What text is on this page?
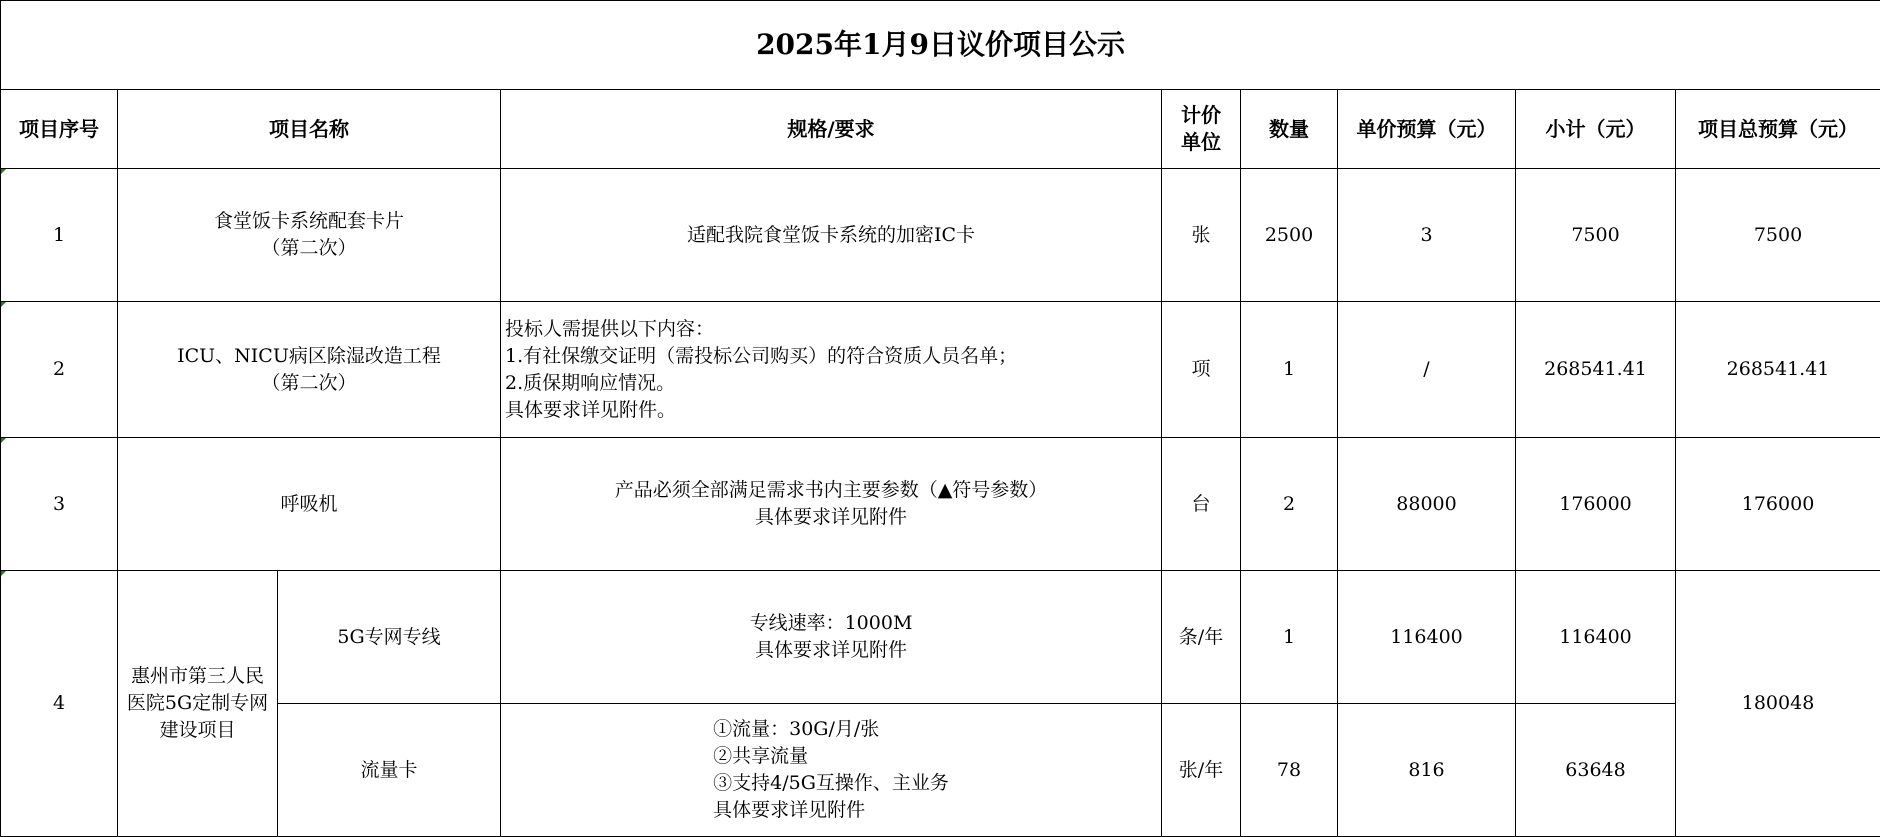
2025年1月9日议价项目公示								
项目序号	项目名称		规格/要求	计价
单位	数量	单价预算（元）	小计（元）	项目总预算（元）

1	食堂饭卡系统配套卡片
（第二次）		适配我院食堂饭卡系统的加密IC卡	张	2500	3	7500	7500

2	ICU、NICU病区除湿改造工程
（第二次）		投标人需提供以下内容：
1.有社保缴交证明（需投标公司购买）的符合资质人员名单；
2.质保期响应情况。
具体要求详见附件。	项	1	/	268541.41	268541.41

3	呼吸机		产品必须全部满足需求书内主要参数（▲符号参数）
具体要求详见附件	台	2	88000	176000	176000

4	惠州市第三人民
医院5G定制专网
建设项目	5G专网专线	专线速率：1000M
具体要求详见附件	条/年	1	116400	116400	180048
		流量卡	①流量：30G/月/张
②共享流量
③支持4/5G互操作、主业务
具体要求详见附件	张/年	78	816	63648	
